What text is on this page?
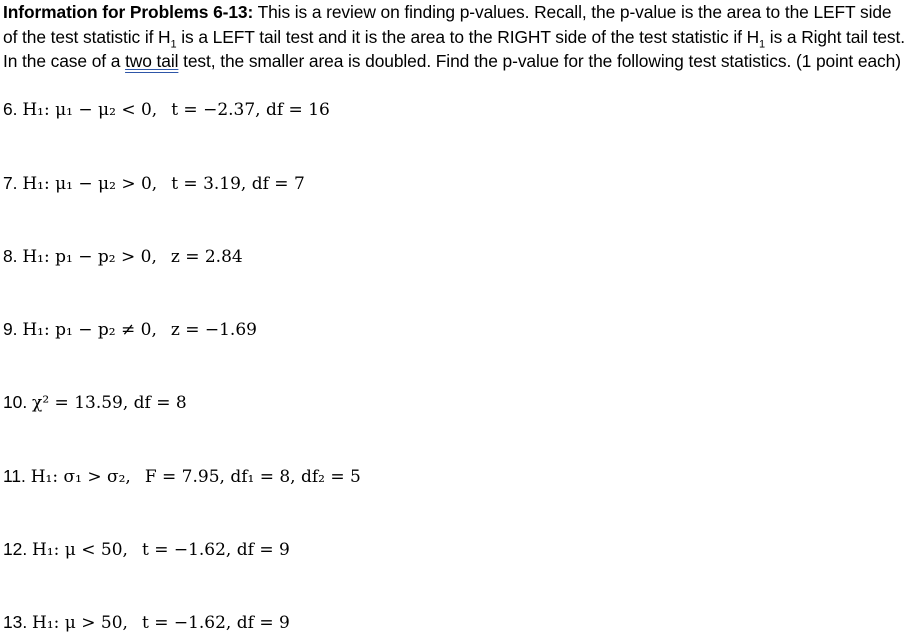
Information for Problems 6-13: This is a review on finding p-values. Recall, the p-value is the area to the LEFT side of the test statistic if $H_1$ is a LEFT tail test and it is the area to the RIGHT side of the test statistic if $H_1$ is a Right tail test. In the case of a two tail test, the smaller area is doubled. Find the p-value for the following test statistics. (1 point each)
6. H₁: μ₁ − μ₂ < 0, t = −2.37, df = 16
7. H₁: μ₁ − μ₂ > 0, t = 3.19, df = 7
8. H₁: p₁ − p₂ > 0, z = 2.84
9. H₁: p₁ − p₂ ≠ 0, z = −1.69
10. χ² = 13.59, df = 8
11. H₁: σ₁ > σ₂, F = 7.95, df₁ = 8, df₂ = 5
12. H₁: μ < 50, t = −1.62, df = 9
13. H₁: μ > 50, t = −1.62, df = 9
